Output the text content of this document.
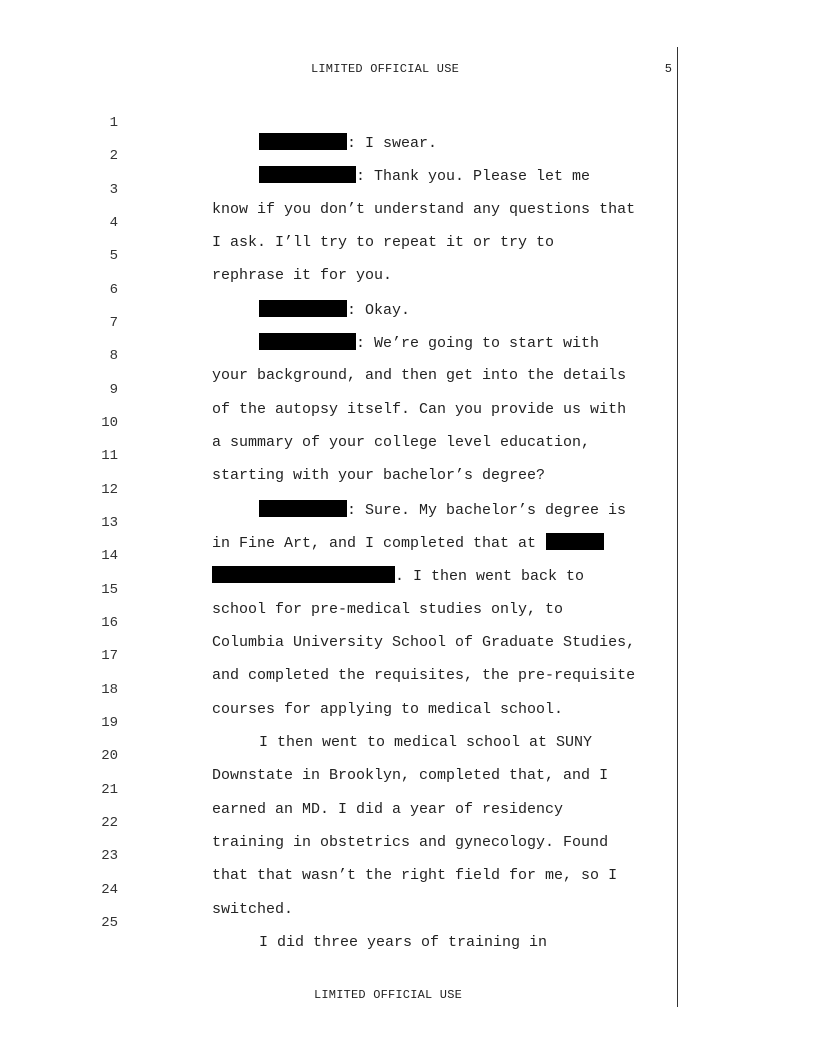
LIMITED OFFICIAL USE	5

1

: I swear.

2

: Thank you. Please let me

3

know if you don’t understand any questions that

4

I ask. I’ll try to repeat it or try to

5

rephrase it for you.

6

: Okay.

7

: We’re going to start with

8

your background, and then get into the details

9

of the autopsy itself. Can you provide us with

10

a summary of your college level education,

11

starting with your bachelor’s degree?

12

: Sure. My bachelor’s degree is

13

in Fine Art, and I completed that at

14

. I then went back to

15

school for pre-medical studies only, to

16

Columbia University School of Graduate Studies,

17

and completed the requisites, the pre-requisite

18

courses for applying to medical school.

19

I then went to medical school at SUNY

20

Downstate in Brooklyn, completed that, and I

21

earned an MD. I did a year of residency

22

training in obstetrics and gynecology. Found

23

that that wasn’t the right field for me, so I

24

switched.

25

I did three years of training in

LIMITED OFFICIAL USE
